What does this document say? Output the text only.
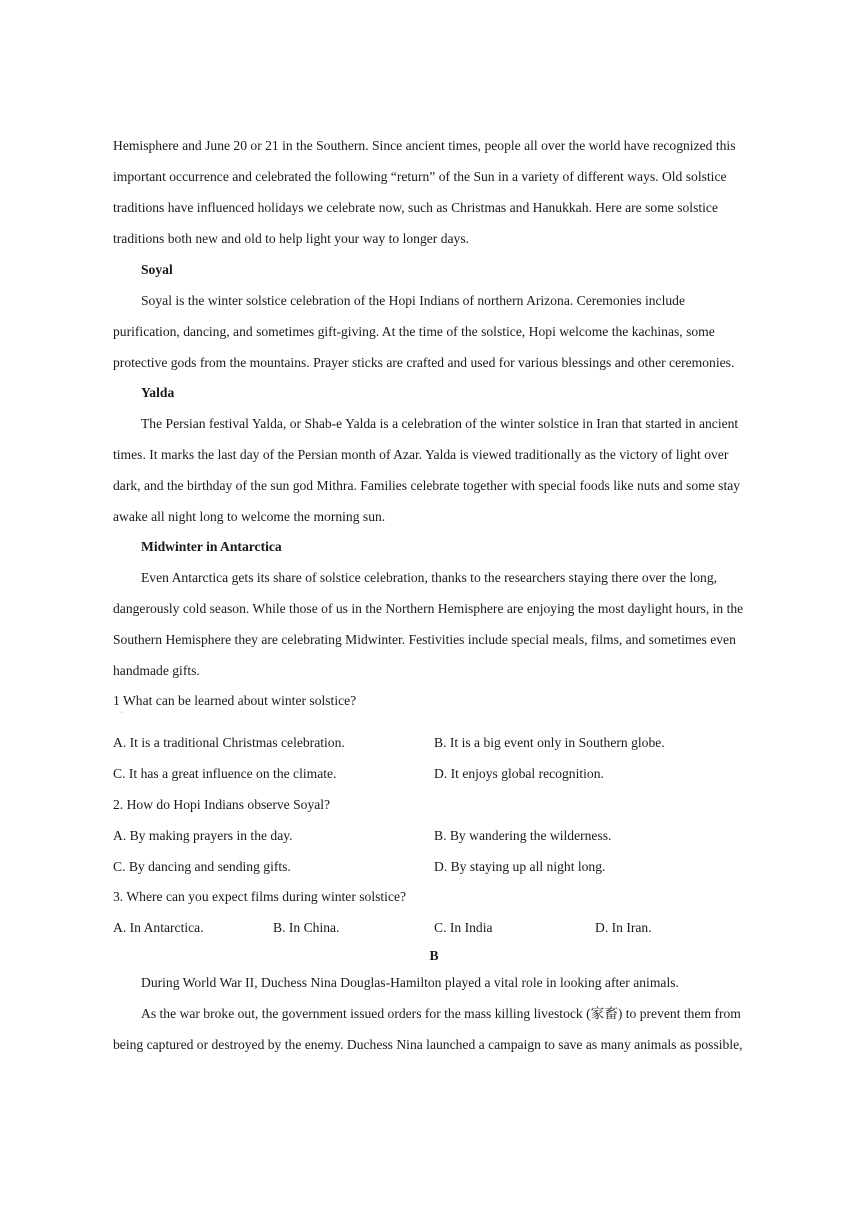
Hemisphere and June 20 or 21 in the Southern. Since ancient times, people all over the world have recognized this
important occurrence and celebrated the following “return” of the Sun in a variety of different ways. Old solstice
traditions have influenced holidays we celebrate now, such as Christmas and Hanukkah. Here are some solstice
traditions both new and old to help light your way to longer days.
Soyal
Soyal is the winter solstice celebration of the Hopi Indians of northern Arizona. Ceremonies include
purification, dancing, and sometimes gift-giving. At the time of the solstice, Hopi welcome the kachinas, some
protective gods from the mountains. Prayer sticks are crafted and used for various blessings and other ceremonies.
Yalda
The Persian festival Yalda, or Shab-e Yalda is a celebration of the winter solstice in Iran that started in ancient
times. It marks the last day of the Persian month of Azar. Yalda is viewed traditionally as the victory of light over
dark, and the birthday of the sun god Mithra. Families celebrate together with special foods like nuts and some stay
awake all night long to welcome the morning sun.
Midwinter in Antarctica
Even Antarctica gets its share of solstice celebration, thanks to the researchers staying there over the long,
dangerously cold season. While those of us in the Northern Hemisphere are enjoying the most daylight hours, in the
Southern Hemisphere they are celebrating Midwinter. Festivities include special meals, films, and sometimes even
handmade gifts.
1 What can be learned about winter solstice?
˙
A. It is a traditional Christmas celebration.	B. It is a big event only in Southern globe.
C. It has a great influence on the climate.	D. It enjoys global recognition.
2. How do Hopi Indians observe Soyal?
A. By making prayers in the day.	B. By wandering the wilderness.
C. By dancing and sending gifts.	D. By staying up all night long.
3. Where can you expect films during winter solstice?
A. In Antarctica.	B. In China.	C. In India	D. In Iran.
B
During World War II, Duchess Nina Douglas-Hamilton played a vital role in looking after animals.
As the war broke out, the government issued orders for the mass killing livestock (家畜) to prevent them from
being captured or destroyed by the enemy. Duchess Nina launched a campaign to save as many animals as possible,
